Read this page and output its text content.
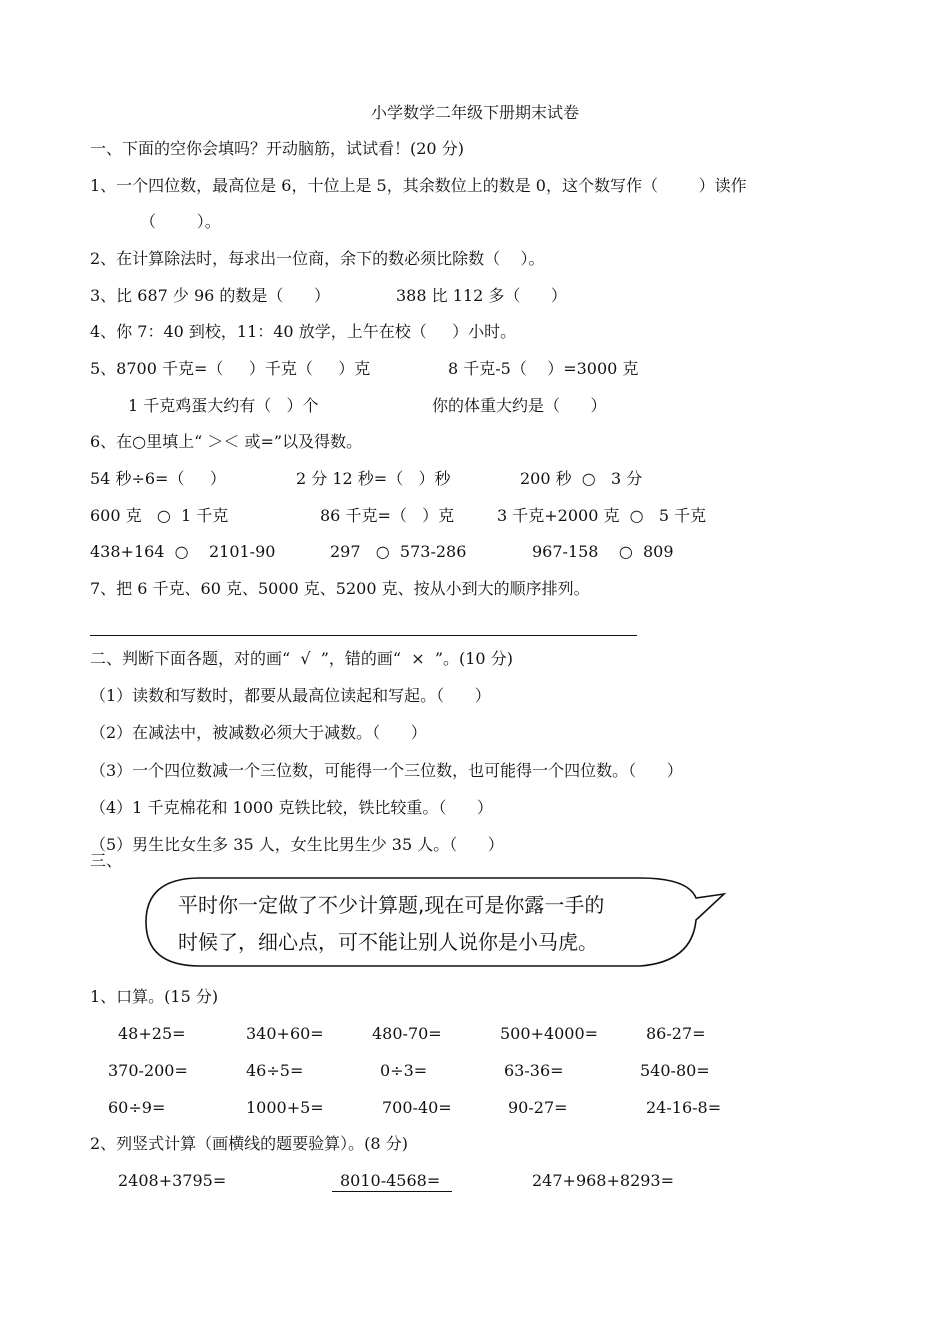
小学数学二年级下册期末试卷
一、下面的空你会填吗？开动脑筋，试试看！(20 分)
1、一个四位数，最高位是 6，十位上是 5，其余数位上的数是 0，这个数写作（        ）读作
（        ）。
2、在计算除法时，每求出一位商，余下的数必须比除数（    ）。
3、比 687 少 96 的数是（      ）	388 比 112 多（      ）
4、你 7：40 到校，11：40 放学，上午在校（     ）小时。
5、8700 千克=（     ）千克（     ）克	8 千克-5（    ）=3000 克
1 千克鸡蛋大约有（   ）个	你的体重大约是（      ）
6、在○里填上“ ＞＜ 或=”以及得数。
54 秒÷6=（     ）	2 分 12 秒=（   ）秒	200 秒  ○   3 分
600 克   ○  1 千克	86 千克=（   ）克	3 千克+2000 克  ○   5 千克
438+164  ○    2101-90	297   ○  573-286	967-158    ○  809
7、把 6 千克、60 克、5000 克、5200 克、按从小到大的顺序排列。
二、判断下面各题，对的画“  √  ”，错的画“  ×  ”。(10 分)
（1）读数和写数时，都要从最高位读起和写起。（      ）
（2）在减法中，被减数必须大于减数。（      ）
（3）一个四位数减一个三位数，可能得一个三位数，也可能得一个四位数。（      ）
（4）1 千克棉花和 1000 克铁比较，铁比较重。（      ）
（5）男生比女生多 35 人，女生比男生少 35 人。（      ）
三、
平时你一定做了不少计算题,现在可是你露一手的
时候了，细心点，可不能让别人说你是小马虎。
1、口算。(15 分)
48+25=	340+60=	480-70=	500+4000=	86-27=
370-200=	46÷5=	0÷3=	63-36=	540-80=
60÷9=	1000+5=	700-40=	90-27=	24-16-8=
2、列竖式计算（画横线的题要验算）。(8 分)
2408+3795=	8010-4568=	247+968+8293=
